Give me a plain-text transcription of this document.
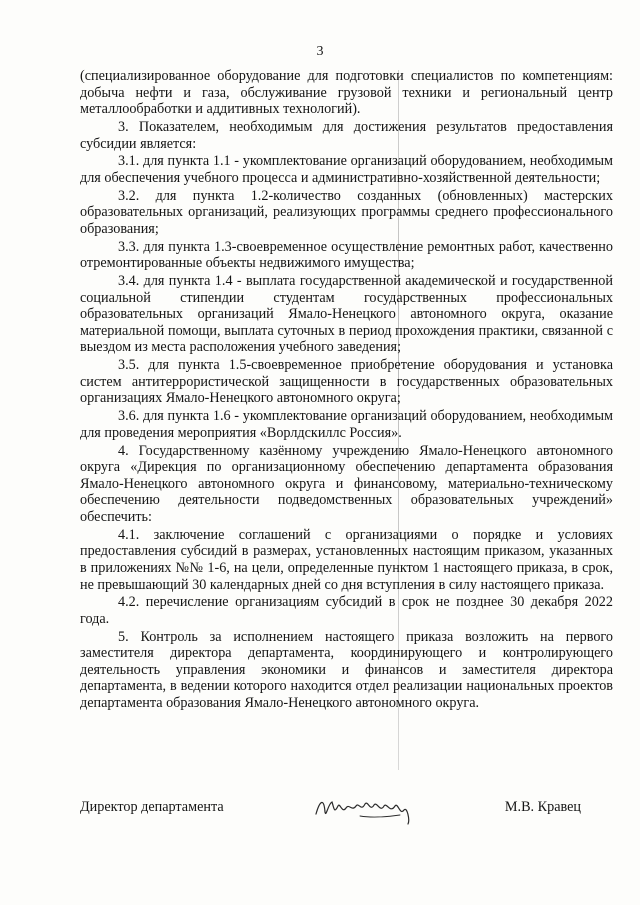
3

(специализированное оборудование для подготовки специалистов по компетенциям: добыча нефти и газа, обслуживание грузовой техники и региональный центр металлообработки и аддитивных технологий).

3. Показателем, необходимым для достижения результатов предоставления субсидии является:

3.1. для пункта 1.1 - укомплектование организаций оборудованием, необходимым для обеспечения учебного процесса и административно-хозяйственной деятельности;

3.2. для пункта 1.2-количество созданных (обновленных) мастерских образовательных организаций, реализующих программы среднего профессионального образования;

3.3. для пункта 1.3-своевременное осуществление ремонтных работ, качественно отремонтированные объекты недвижимого имущества;

3.4. для пункта 1.4 - выплата государственной академической и государственной социальной стипендии студентам государственных профессиональных образовательных организаций Ямало-Ненецкого автономного округа, оказание материальной помощи, выплата суточных в период прохождения практики, связанной с выездом из места расположения учебного заведения;

3.5. для пункта 1.5-своевременное приобретение оборудования и установка систем антитеррористической защищенности в государственных образовательных организациях Ямало-Ненецкого автономного округа;

3.6. для пункта 1.6 - укомплектование организаций оборудованием, необходимым для проведения мероприятия «Ворлдскиллс Россия».

4. Государственному казённому учреждению Ямало-Ненецкого автономного округа «Дирекция по организационному обеспечению департамента образования Ямало-Ненецкого автономного округа и финансовому, материально-техническому обеспечению деятельности подведомственных образовательных учреждений» обеспечить:

4.1. заключение соглашений с организациями о порядке и условиях предоставления субсидий в размерах, установленных настоящим приказом, указанных в приложениях №№ 1-6, на цели, определенные пунктом 1 настоящего приказа, в срок, не превышающий 30 календарных дней со дня вступления в силу настоящего приказа.

4.2. перечисление организациям субсидий в срок не позднее 30 декабря 2022 года.

5. Контроль за исполнением настоящего приказа возложить на первого заместителя директора департамента, координирующего и контролирующего деятельность управления экономики и финансов и заместителя директора департамента, в ведении которого находится отдел реализации национальных проектов департамента образования Ямало-Ненецкого автономного округа.

Директор департамента	М.В. Кравец
